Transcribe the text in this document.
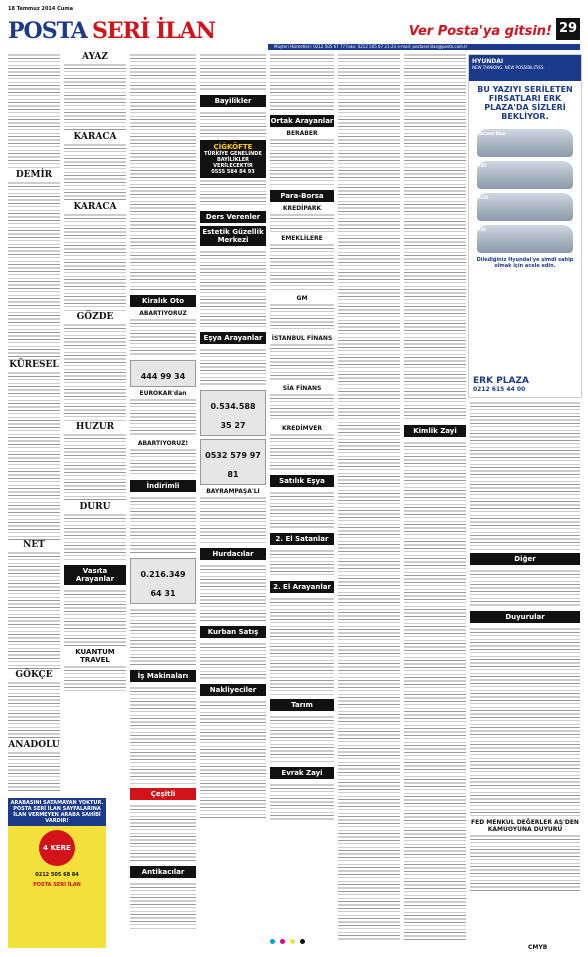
18 Temmuz 2014 Cuma
POSTA SERİ İLAN	Ver Posta'ya gitsin! 29
Müşteri Hizmetleri: 0212 505 67 77 Faks: 0212 505 67 21-23 e-mail: postaseriilan@posta.com.tr
DEMİR
KÜRESEL
NET
GÖKÇE
ANADOLU
AYAZ
KARACA
KARACA
GÖZDE
HUZUR
DURU
Vasıta Arayanlar
KUANTUM TRAVEL
Kiralık Oto
ABARTIYORUZ
444 99 34
EUROKAR'dan
ABARTIYORUZ!
İndirimli
0.216.349 64 31
İş Makinaları
Çeşitli
Antikacılar
Bayilikler
ÇİĞKÖFTE
TÜRKİYE GENELİNDE BAYİLİKLER VERİLECEKTİR
0555 584 84 93
Ders Verenler
Estetik Güzellik Merkezi
Eşya Arayanlar
0.534.588 35 27
0532 579 97 81
BAYRAMPAŞA'LI
Hurdacılar
Kurban Satış
Nakliyeciler
Ortak Arayanlar
BERABER
Para-Borsa
KREDİPARK
EMEKLİLERE
GM
İSTANBUL FİNANS
SİA FİNANS
KREDİMVER
Satılık Eşya
2. El Satanlar
2. El Arayanlar
Tarım
Evrak Zayi
Kimlik Zayi
Diğer
Duyurular
FED MENKUL DEĞERLER AŞ'DEN KAMUOYUNA DUYURU
HYUNDAI
NEW THINKING. NEW POSSIBILITIES.
BU YAZIYI SERİLETEN FIRSATLARI ERK PLAZA'DA SİZLERİ BEKLİYOR.
Accent Blue
i20
ix35
i30
Dilediğiniz Hyundai'ye şimdi sahip olmak için acele edin.
ERK PLAZA
0212 615 44 00
ARABASINI SATAMAYAN YOKTUR. POSTA SERİ İLAN SAYFALARINA İLAN VERMEYEN ARABA SAHİBİ VARDIR!
4 KERE
0212 505 68 84
POSTA SERİ İLAN
CMYB
